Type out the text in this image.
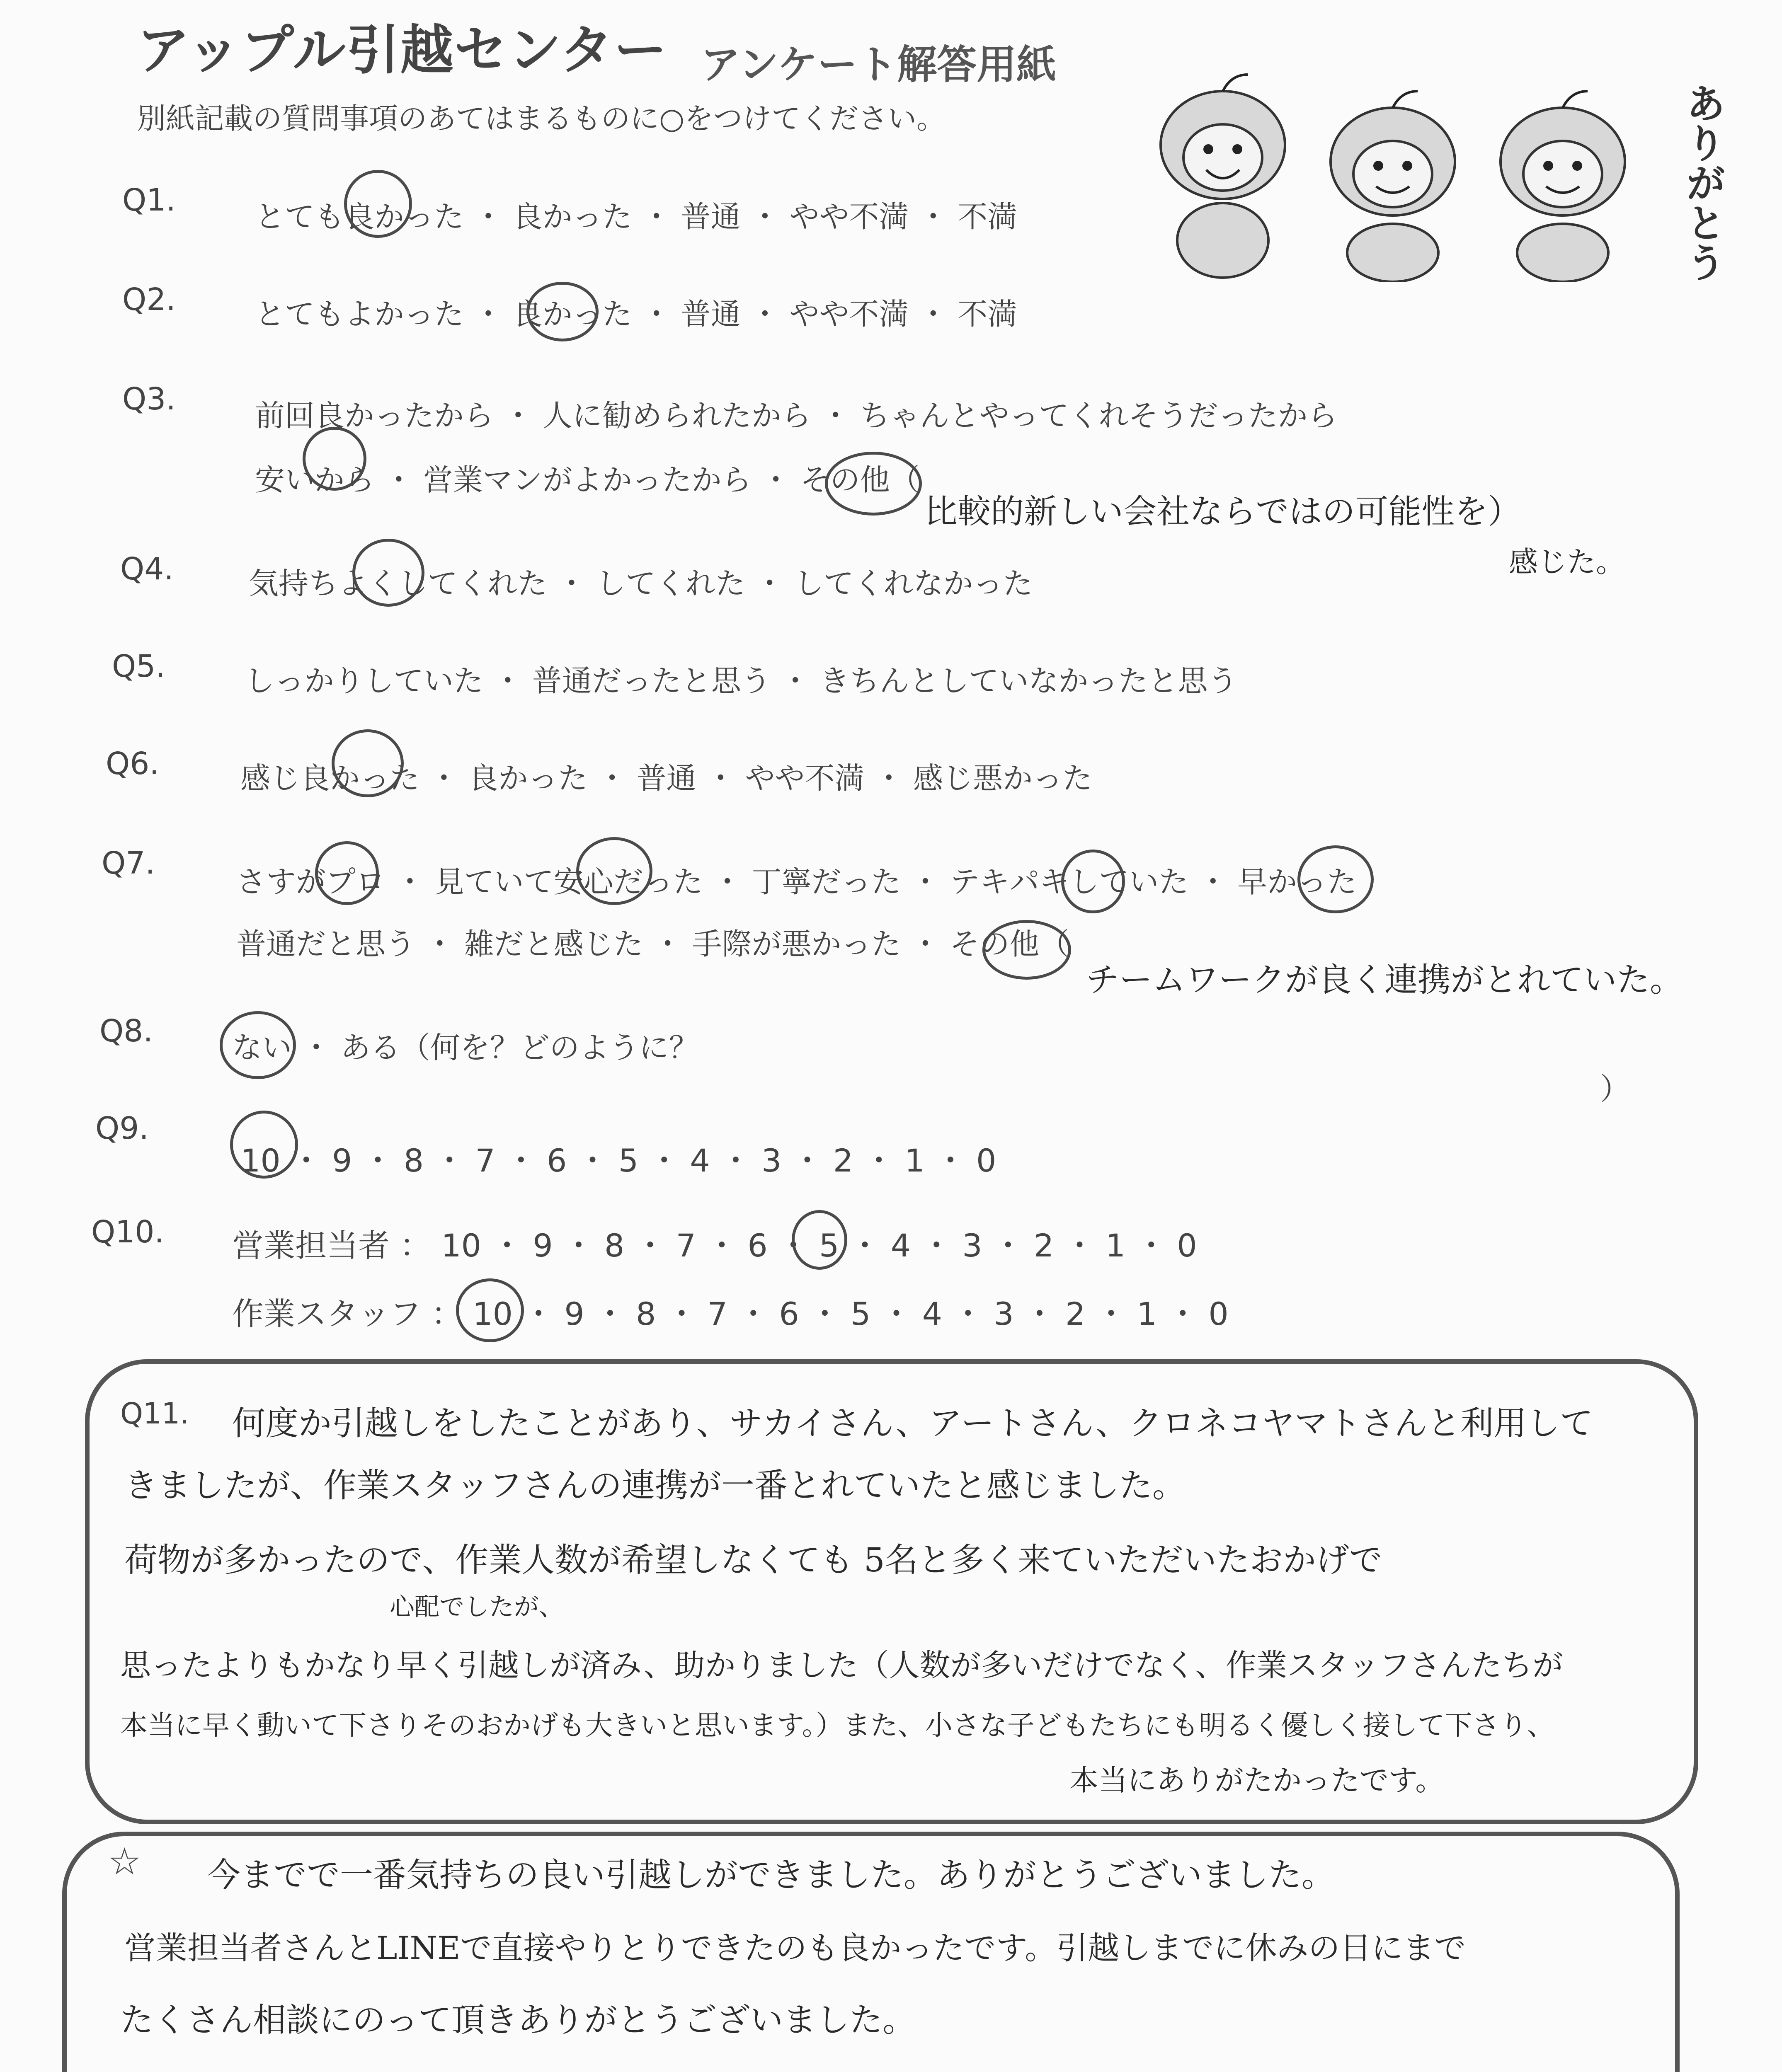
アップル引越センター アンケート解答用紙
別紙記載の質問事項のあてはまるものに○をつけてください。	ありがとう
Q1.	とても良かった ・ 良かった ・ 普通 ・ やや不満 ・ 不満
Q2.	とてもよかった ・ 良かった ・ 普通 ・ やや不満 ・ 不満
Q3.	前回良かったから ・ 人に勧められたから ・ ちゃんとやってくれそうだったから
安いから ・ 営業マンがよかったから ・ その他（
比較的新しい会社ならではの可能性を）
感じた。
Q4.	気持ちよくしてくれた ・ してくれた ・ してくれなかった
Q5.	しっかりしていた ・ 普通だったと思う ・ きちんとしていなかったと思う
Q6.	感じ良かった ・ 良かった ・ 普通 ・ やや不満 ・ 感じ悪かった
Q7.
さすがプロ ・ 見ていて安心だった ・ 丁寧だった ・ テキパキしていた ・ 早かった
普通だと思う ・ 雑だと感じた ・ 手際が悪かった ・ その他（
チームワークが良く連携がとれていた。
Q8.	ない ・ ある（何を？どのように？
）
Q9.
10 ・ 9 ・ 8 ・ 7 ・ 6 ・ 5 ・ 4 ・ 3 ・ 2 ・ 1 ・ 0
Q10. 営業担当者 ： 10 ・ 9 ・ 8 ・ 7 ・ 6 ・ 5 ・ 4 ・ 3 ・ 2 ・ 1 ・ 0
作業スタッフ ： 10 ・ 9 ・ 8 ・ 7 ・ 6 ・ 5 ・ 4 ・ 3 ・ 2 ・ 1 ・ 0
Q11. 何度か引越しをしたことがあり、サカイさん、アートさん、クロネコヤマトさんと利用して
きましたが、作業スタッフさんの連携が一番とれていたと感じました。
荷物が多かったので、作業人数が希望しなくても 5名と多く来ていただいたおかげで
心配でしたが、
思ったよりもかなり早く引越しが済み、助かりました（人数が多いだけでなく、作業スタッフさんたちが
本当に早く動いて下さりそのおかげも大きいと思います。）また、小さな子どもたちにも明るく優しく接して下さり、
本当にありがたかったです。
☆ 今までで一番気持ちの良い引越しができました。ありがとうございました。
営業担当者さんとLINEで直接やりとりできたのも良かったです。引越しまでに休みの日にまで
たくさん相談にのって頂きありがとうございました。
